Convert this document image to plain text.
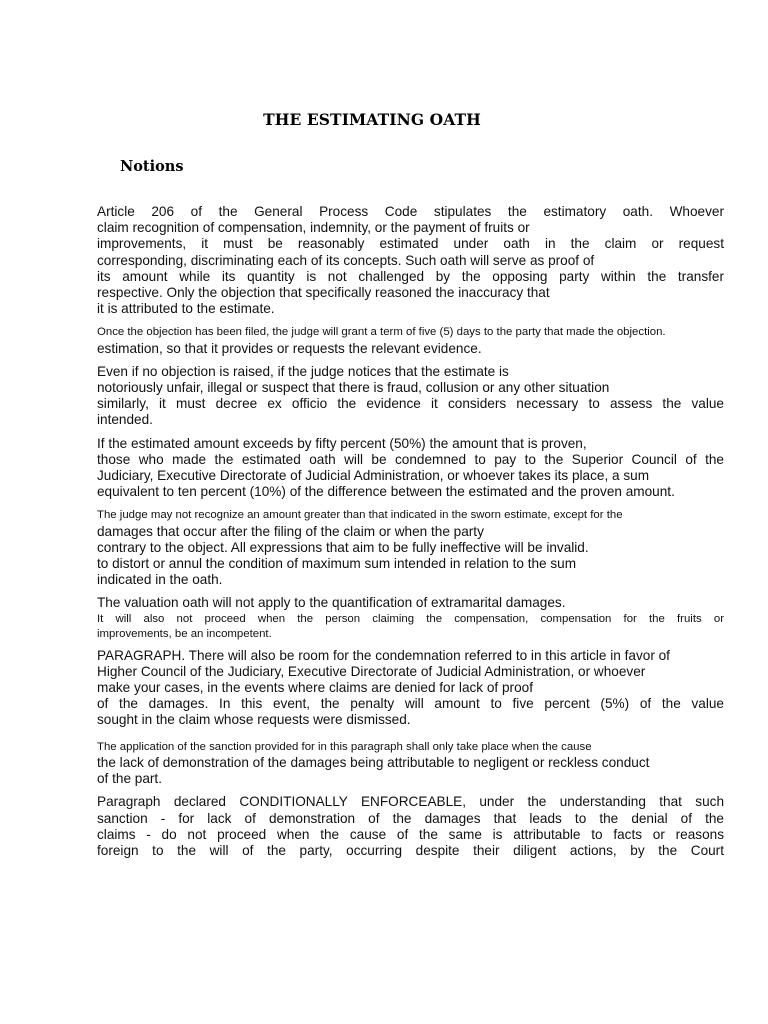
THE ESTIMATING OATH
Notions
Article 206 of the General Process Code stipulates the estimatory oath. Whoever
claim recognition of compensation, indemnity, or the payment of fruits or
improvements, it must be reasonably estimated under oath in the claim or request
corresponding, discriminating each of its concepts. Such oath will serve as proof of
its amount while its quantity is not challenged by the opposing party within the transfer
respective. Only the objection that specifically reasoned the inaccuracy that
it is attributed to the estimate.
Once the objection has been filed, the judge will grant a term of five (5) days to the party that made the objection.
estimation, so that it provides or requests the relevant evidence.
Even if no objection is raised, if the judge notices that the estimate is
notoriously unfair, illegal or suspect that there is fraud, collusion or any other situation
similarly, it must decree ex officio the evidence it considers necessary to assess the value
intended.
If the estimated amount exceeds by fifty percent (50%) the amount that is proven,
those who made the estimated oath will be condemned to pay to the Superior Council of the
Judiciary, Executive Directorate of Judicial Administration, or whoever takes its place, a sum
equivalent to ten percent (10%) of the difference between the estimated and the proven amount.
The judge may not recognize an amount greater than that indicated in the sworn estimate, except for the
damages that occur after the filing of the claim or when the party
contrary to the object. All expressions that aim to be fully ineffective will be invalid.
to distort or annul the condition of maximum sum intended in relation to the sum
indicated in the oath.
The valuation oath will not apply to the quantification of extramarital damages.
It will also not proceed when the person claiming the compensation, compensation for the fruits or
improvements, be an incompetent.
PARAGRAPH. There will also be room for the condemnation referred to in this article in favor of
Higher Council of the Judiciary, Executive Directorate of Judicial Administration, or whoever
make your cases, in the events where claims are denied for lack of proof
of the damages. In this event, the penalty will amount to five percent (5%) of the value
sought in the claim whose requests were dismissed.
The application of the sanction provided for in this paragraph shall only take place when the cause
the lack of demonstration of the damages being attributable to negligent or reckless conduct
of the part.
Paragraph declared CONDITIONALLY ENFORCEABLE, under the understanding that such
sanction - for lack of demonstration of the damages that leads to the denial of the
claims - do not proceed when the cause of the same is attributable to facts or reasons
foreign to the will of the party, occurring despite their diligent actions, by the Court
